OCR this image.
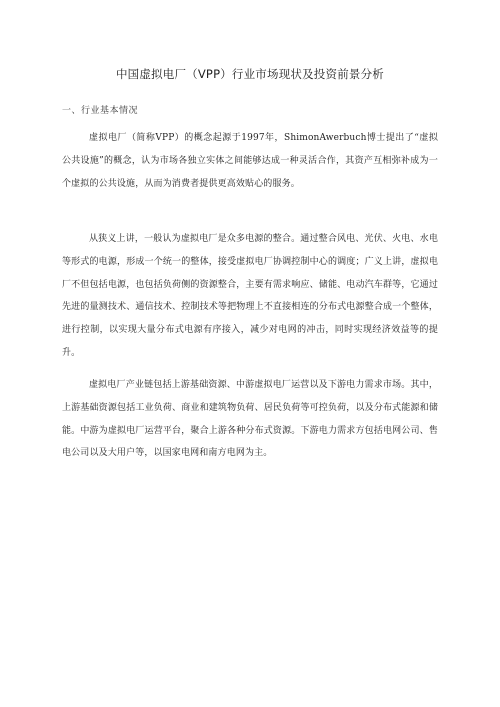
中国虚拟电厂（VPP）行业市场现状及投资前景分析
一、行业基本情况
虚拟电厂（简称VPP）的概念起源于1997年，ShimonAwerbuch博士提出了“虚拟公共设施”的概念，认为市场各独立实体之间能够达成一种灵活合作，其资产互相弥补成为一个虚拟的公共设施，从而为消费者提供更高效贴心的服务。
从狭义上讲，一般认为虚拟电厂是众多电源的整合。通过整合风电、光伏、火电、水电等形式的电源，形成一个统一的整体，接受虚拟电厂协调控制中心的调度；广义上讲，虚拟电厂不但包括电源，也包括负荷侧的资源整合，主要有需求响应、储能、电动汽车群等，它通过先进的量测技术、通信技术、控制技术等把物理上不直接相连的分布式电源整合成一个整体，进行控制，以实现大量分布式电源有序接入，减少对电网的冲击，同时实现经济效益等的提升。
虚拟电厂产业链包括上游基础资源、中游虚拟电厂运营以及下游电力需求市场。其中，上游基础资源包括工业负荷、商业和建筑物负荷、居民负荷等可控负荷，以及分布式能源和储能。中游为虚拟电厂运营平台，聚合上游各种分布式资源。下游电力需求方包括电网公司、售电公司以及大用户等，以国家电网和南方电网为主。
